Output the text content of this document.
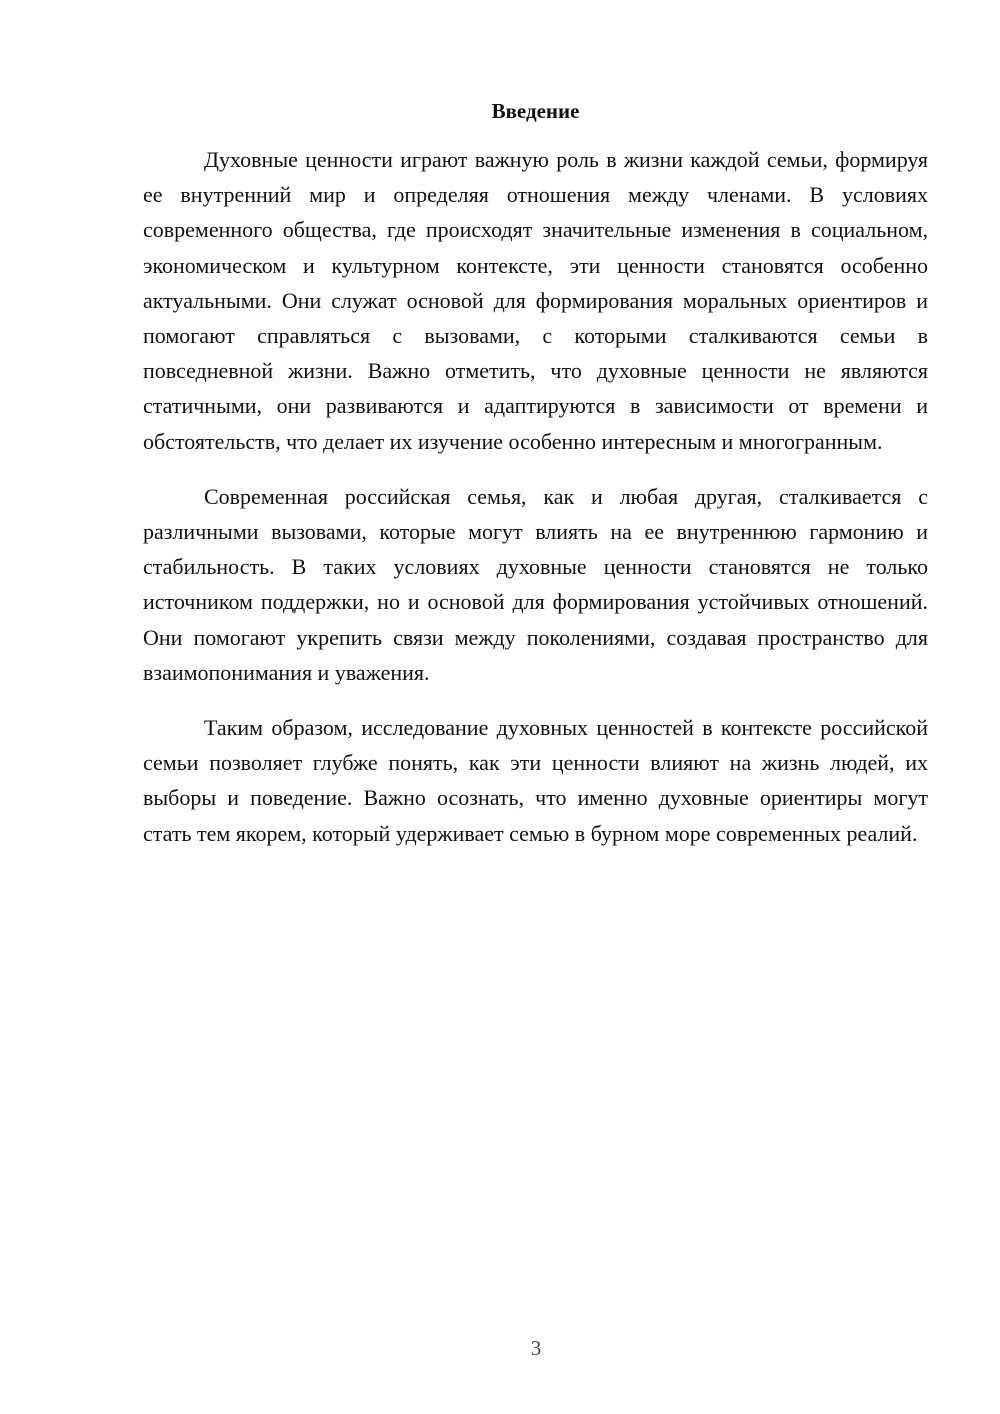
Введение

Духовные ценности играют важную роль в жизни каждой семьи, формируя ее внутренний мир и определяя отношения между членами. В условиях современного общества, где происходят значительные изменения в социальном, экономическом и культурном контексте, эти ценности становятся особенно актуальными. Они служат основой для формирования моральных ориентиров и помогают справляться с вызовами, с которыми сталкиваются семьи в повседневной жизни. Важно отметить, что духовные ценности не являются статичными, они развиваются и адаптируются в зависимости от времени и обстоятельств, что делает их изучение особенно интересным и многогранным.

Современная российская семья, как и любая другая, сталкивается с различными вызовами, которые могут влиять на ее внутреннюю гармонию и стабильность. В таких условиях духовные ценности становятся не только источником поддержки, но и основой для формирования устойчивых отношений. Они помогают укрепить связи между поколениями, создавая пространство для взаимопонимания и уважения.

Таким образом, исследование духовных ценностей в контексте российской семьи позволяет глубже понять, как эти ценности влияют на жизнь людей, их выборы и поведение. Важно осознать, что именно духовные ориентиры могут стать тем якорем, который удерживает семью в бурном море современных реалий.

3
